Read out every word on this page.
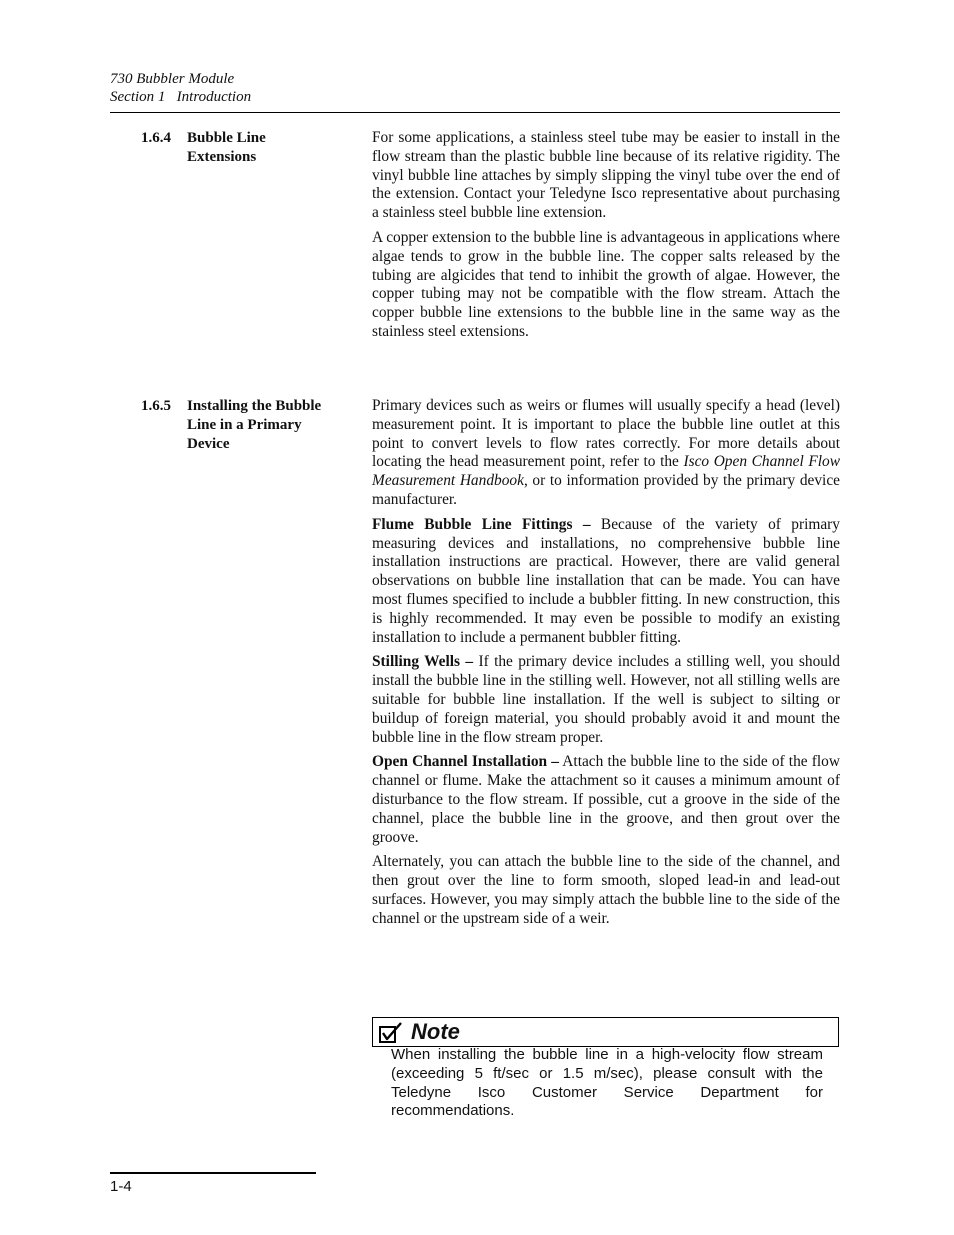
730 Bubbler Module
Section 1   Introduction
1.6.4 Bubble Line
Extensions

For some applications, a stainless steel tube may be easier to install in the flow stream than the plastic bubble line because of its relative rigidity. The vinyl bubble line attaches by simply slipping the vinyl tube over the end of the extension. Contact your Teledyne Isco representative about purchasing a stainless steel bubble line extension.

A copper extension to the bubble line is advantageous in applications where algae tends to grow in the bubble line. The copper salts released by the tubing are algicides that tend to inhibit the growth of algae. However, the copper tubing may not be compatible with the flow stream. Attach the copper bubble line extensions to the bubble line in the same way as the stainless steel extensions.

1.6.5 Installing the Bubble
Line in a Primary
Device

Primary devices such as weirs or flumes will usually specify a head (level) measurement point. It is important to place the bubble line outlet at this point to convert levels to flow rates correctly. For more details about locating the head measurement point, refer to the Isco Open Channel Flow Measurement Handbook, or to information provided by the primary device manufacturer.

Flume Bubble Line Fittings – Because of the variety of primary measuring devices and installations, no comprehensive bubble line installation instructions are practical. However, there are valid general observations on bubble line installation that can be made. You can have most flumes specified to include a bubbler fitting. In new construction, this is highly recommended. It may even be possible to modify an existing installation to include a permanent bubbler fitting.

Stilling Wells – If the primary device includes a stilling well, you should install the bubble line in the stilling well. However, not all stilling wells are suitable for bubble line installation. If the well is subject to silting or buildup of foreign material, you should probably avoid it and mount the bubble line in the flow stream proper.

Open Channel Installation – Attach the bubble line to the side of the flow channel or flume. Make the attachment so it causes a minimum amount of disturbance to the flow stream. If possible, cut a groove in the side of the channel, place the bubble line in the groove, and then grout over the groove.

Alternately, you can attach the bubble line to the side of the channel, and then grout over the line to form smooth, sloped lead-in and lead-out surfaces. However, you may simply attach the bubble line to the side of the channel or the upstream side of a weir.

Note
When installing the bubble line in a high-velocity flow stream (exceeding 5 ft/sec or 1.5 m/sec), please consult with the Teledyne Isco Customer Service Department for recommendations.
1-4
